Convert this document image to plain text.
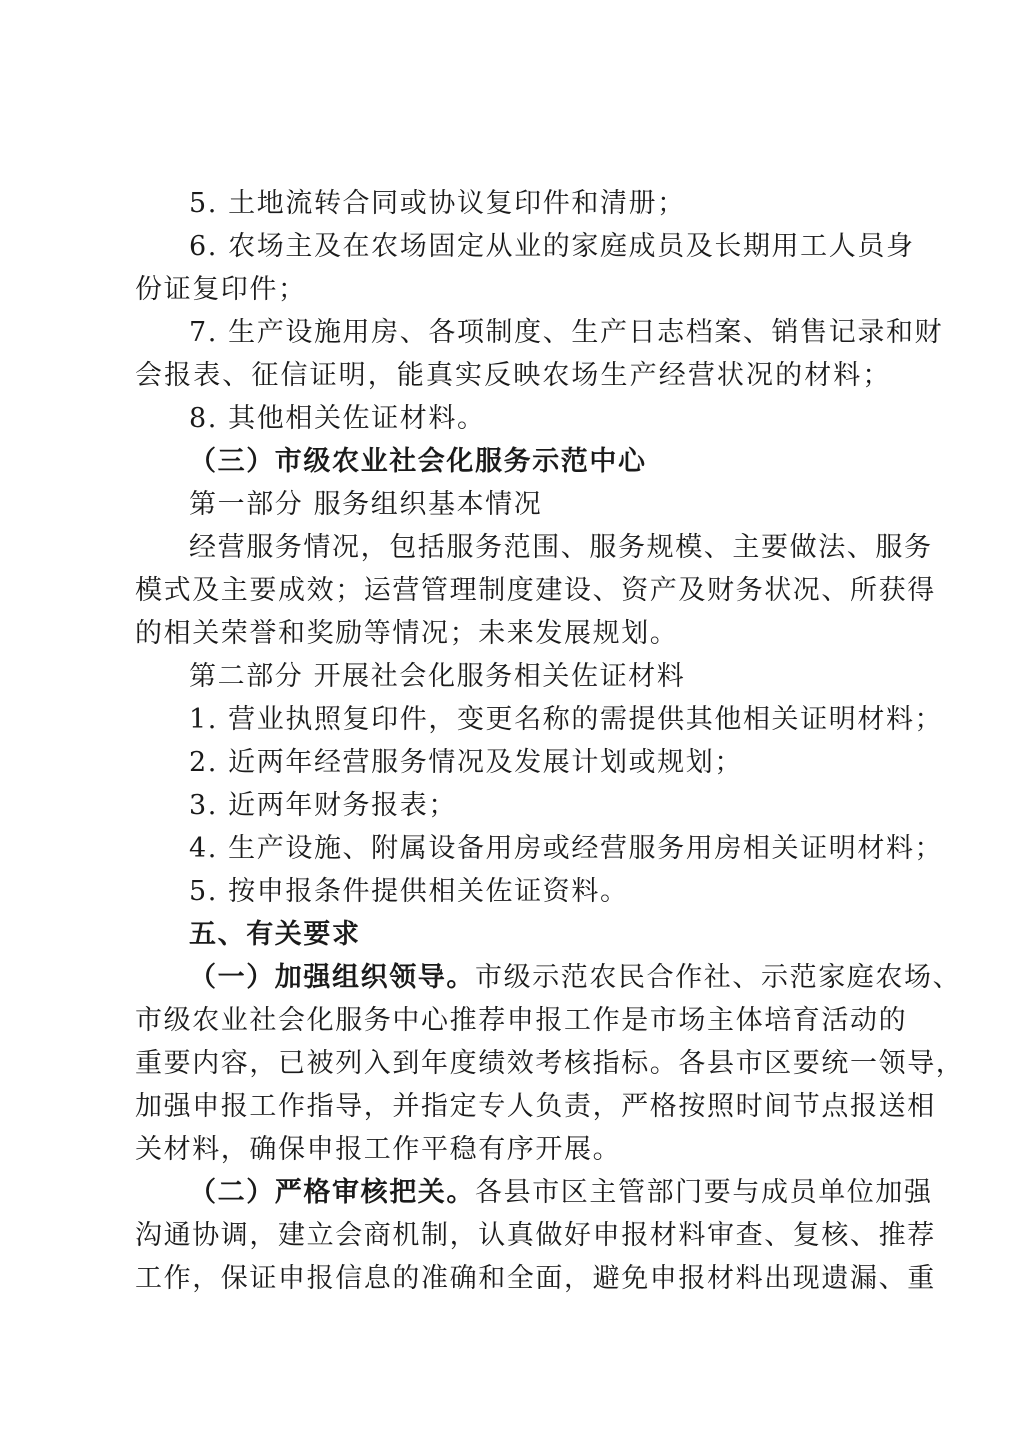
5. 土地流转合同或协议复印件和清册；
6. 农场主及在农场固定从业的家庭成员及长期用工人员身
份证复印件；
7. 生产设施用房、各项制度、生产日志档案、销售记录和财
会报表、征信证明，能真实反映农场生产经营状况的材料；
8. 其他相关佐证材料。
（三）市级农业社会化服务示范中心
第一部分 服务组织基本情况
经营服务情况，包括服务范围、服务规模、主要做法、服务
模式及主要成效；运营管理制度建设、资产及财务状况、所获得
的相关荣誉和奖励等情况；未来发展规划。
第二部分 开展社会化服务相关佐证材料
1. 营业执照复印件，变更名称的需提供其他相关证明材料；
2. 近两年经营服务情况及发展计划或规划；
3. 近两年财务报表；
4. 生产设施、附属设备用房或经营服务用房相关证明材料；
5. 按申报条件提供相关佐证资料。
五、有关要求
（一）加强组织领导。市级示范农民合作社、示范家庭农场、
市级农业社会化服务中心推荐申报工作是市场主体培育活动的
重要内容，已被列入到年度绩效考核指标。各县市区要统一领导，
加强申报工作指导，并指定专人负责，严格按照时间节点报送相
关材料，确保申报工作平稳有序开展。
（二）严格审核把关。各县市区主管部门要与成员单位加强
沟通协调，建立会商机制，认真做好申报材料审查、复核、推荐
工作，保证申报信息的准确和全面，避免申报材料出现遗漏、重
